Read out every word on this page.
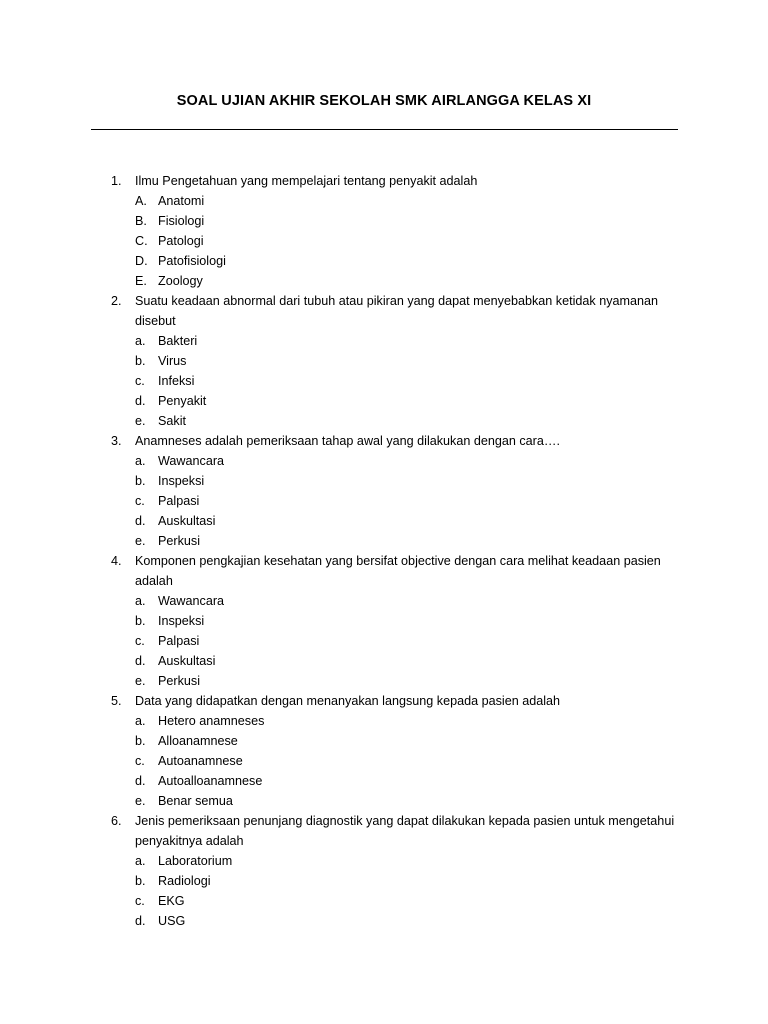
SOAL UJIAN AKHIR SEKOLAH SMK AIRLANGGA KELAS XI
1.	Ilmu Pengetahuan yang mempelajari tentang penyakit adalah
A. Anatomi
B. Fisiologi
C. Patologi
D. Patofisiologi
E. Zoology
2.	Suatu keadaan abnormal dari tubuh atau pikiran yang dapat menyebabkan ketidak nyamanan disebut
a. Bakteri
b. Virus
c.	Infeksi
d. Penyakit
e. Sakit
3.	Anamneses adalah pemeriksaan tahap awal yang dilakukan dengan cara….
a. Wawancara
b. Inspeksi
c.	Palpasi
d. Auskultasi
e. Perkusi
4.	Komponen pengkajian kesehatan yang bersifat objective dengan cara melihat keadaan pasien adalah
a. Wawancara
b. Inspeksi
c.	Palpasi
d. Auskultasi
e. Perkusi
5.	Data yang didapatkan dengan menanyakan langsung kepada pasien adalah
a. Hetero anamneses
b. Alloanamnese
c.	Autoanamnese
d. Autoalloanamnese
e. Benar semua
6.	Jenis pemeriksaan penunjang diagnostik yang dapat dilakukan kepada pasien untuk mengetahui penyakitnya adalah
a. Laboratorium
b. Radiologi
c.	EKG
d. USG
